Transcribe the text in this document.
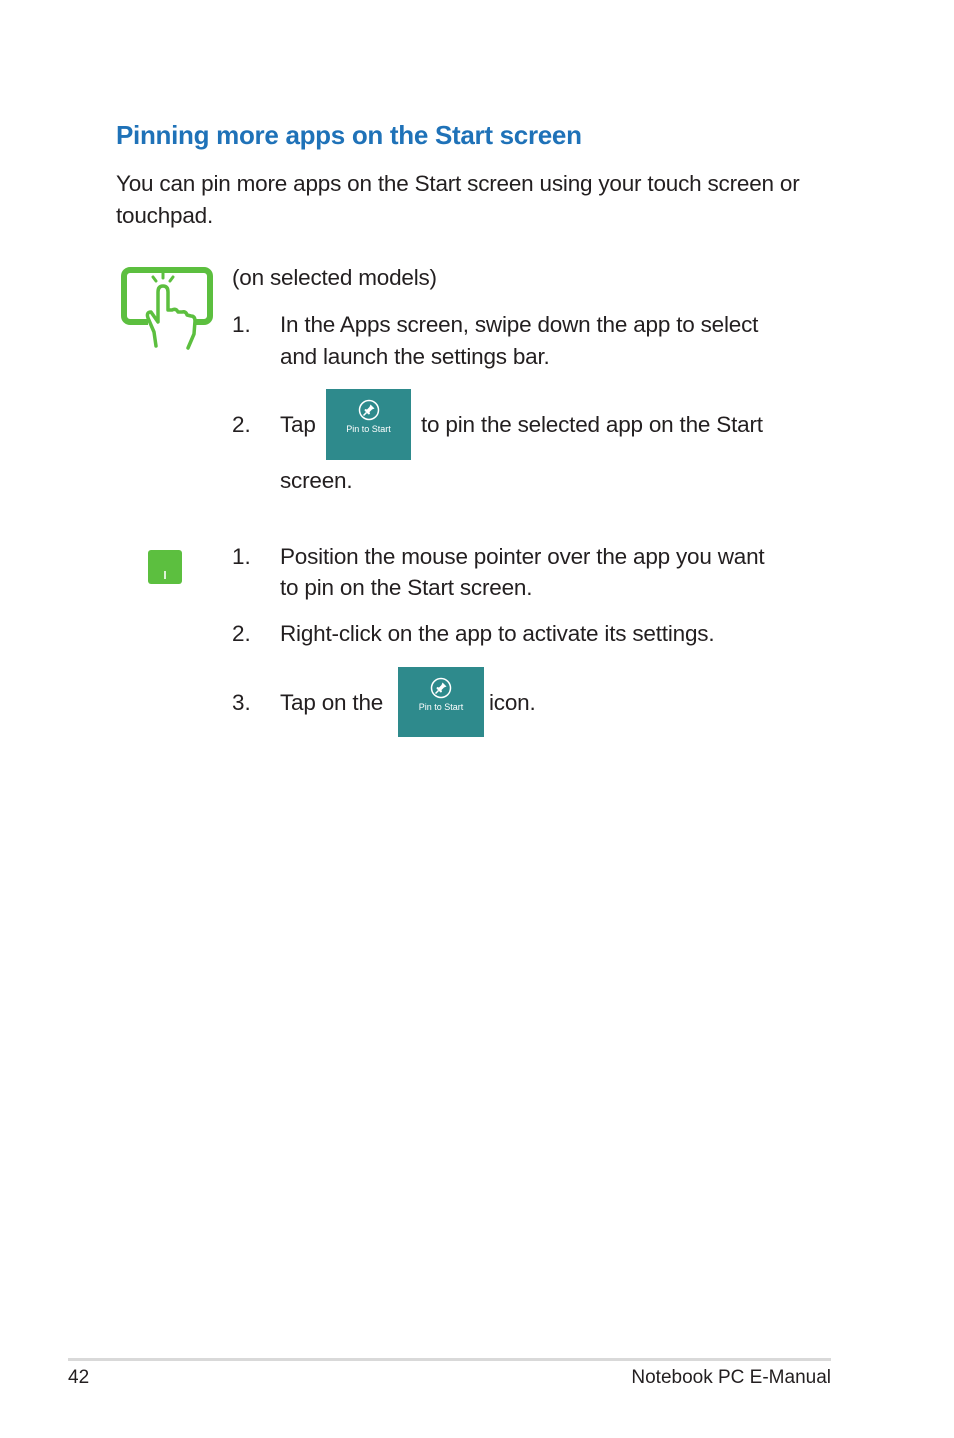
Pinning more apps on the Start screen
You can pin more apps on the Start screen using your touch screen or touchpad.
(on selected models)
1. In the Apps screen, swipe down the app to select
and launch the settings bar.
2. Tap	Pin to Start to pin the selected app on the Start
screen.
1. Position the mouse pointer over the app you want
to pin on the Start screen.
2. Right-click on the app to activate its settings.
3. Tap on the	Pin to Start icon.
42	Notebook PC E-Manual
